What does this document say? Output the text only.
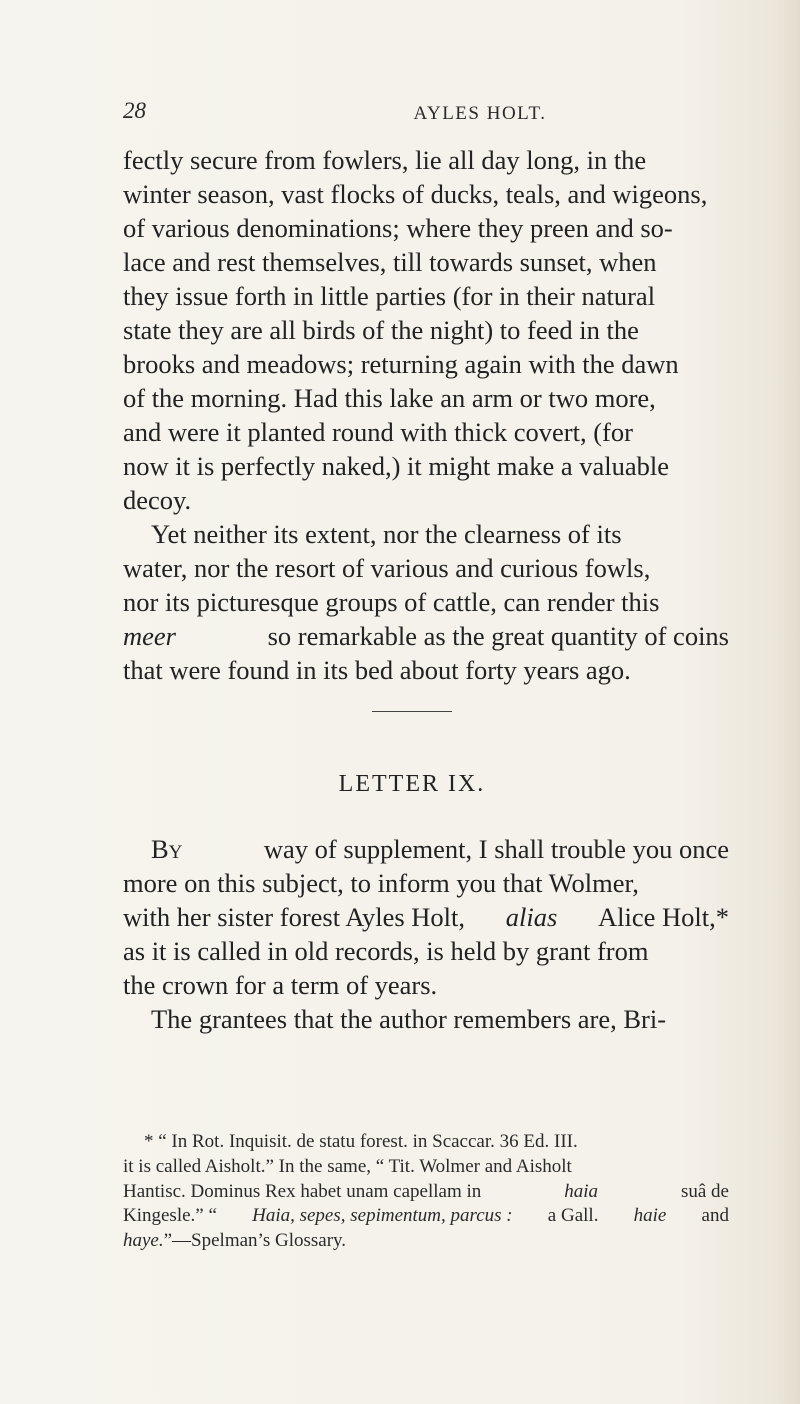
28	AYLES HOLT.
fectly secure from fowlers, lie all day long, in the
winter season, vast flocks of ducks, teals, and wigeons,
of various denominations; where they preen and so-
lace and rest themselves, till towards sunset, when
they issue forth in little parties (for in their natural
state they are all birds of the night) to feed in the
brooks and meadows; returning again with the dawn
of the morning. Had this lake an arm or two more,
and were it planted round with thick covert, (for
now it is perfectly naked,) it might make a valuable
decoy.
Yet neither its extent, nor the clearness of its
water, nor the resort of various and curious fowls,
nor its picturesque groups of cattle, can render this
meer	so remarkable as the great quantity of coins
that were found in its bed about forty years ago.
LETTER IX.
By	way of supplement, I shall trouble you once
more on this subject, to inform you that Wolmer,
with her sister forest Ayles Holt, alias Alice Holt,*
as it is called in old records, is held by grant from
the crown for a term of years.
The grantees that the author remembers are, Bri-
* “ In Rot. Inquisit. de statu forest. in Scaccar. 36 Ed. III.
it is called Aisholt.” In the same, “ Tit. Wolmer and Aisholt
Hantisc. Dominus Rex habet unam capellam in	haia	suâ de
Kingesle.” “ Haia, sepes, sepimentum, parcus : a Gall. haie and
haye. ”—Spelman’s Glossary.
